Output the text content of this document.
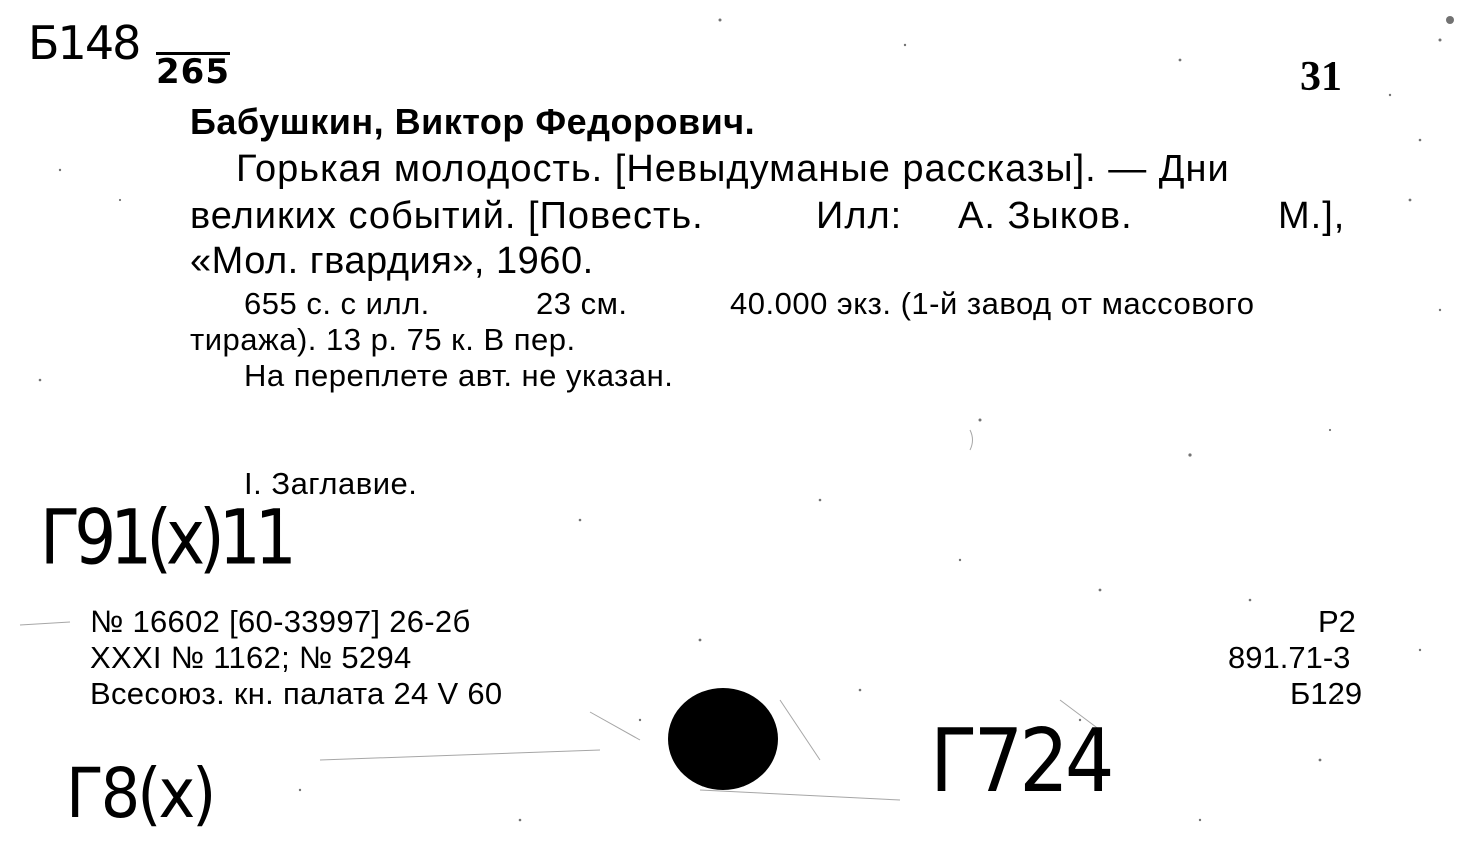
Б148
265	31
Бабушкин, Виктор Федорович.
Горькая молодость. [Невыдуманые рассказы]. — Дни
великих событий. [Повесть.	Илл: А. Зыков.	М.],
«Мол. гвардия», 1960.
655 с. с илл.	23 см.	40.000 экз. (1-й завод от массового
тиража). 13 р. 75 к. В пер.
На переплете авт. не указан.
I. Заглавие.
Г91(х)11
№ 16602 [60-33997] 26-2б
XXXI № 1162; № 5294
Всесоюз. кн. палата 24 V 60
Р2
891.71-3
Б129
Г8(х)	Г724
